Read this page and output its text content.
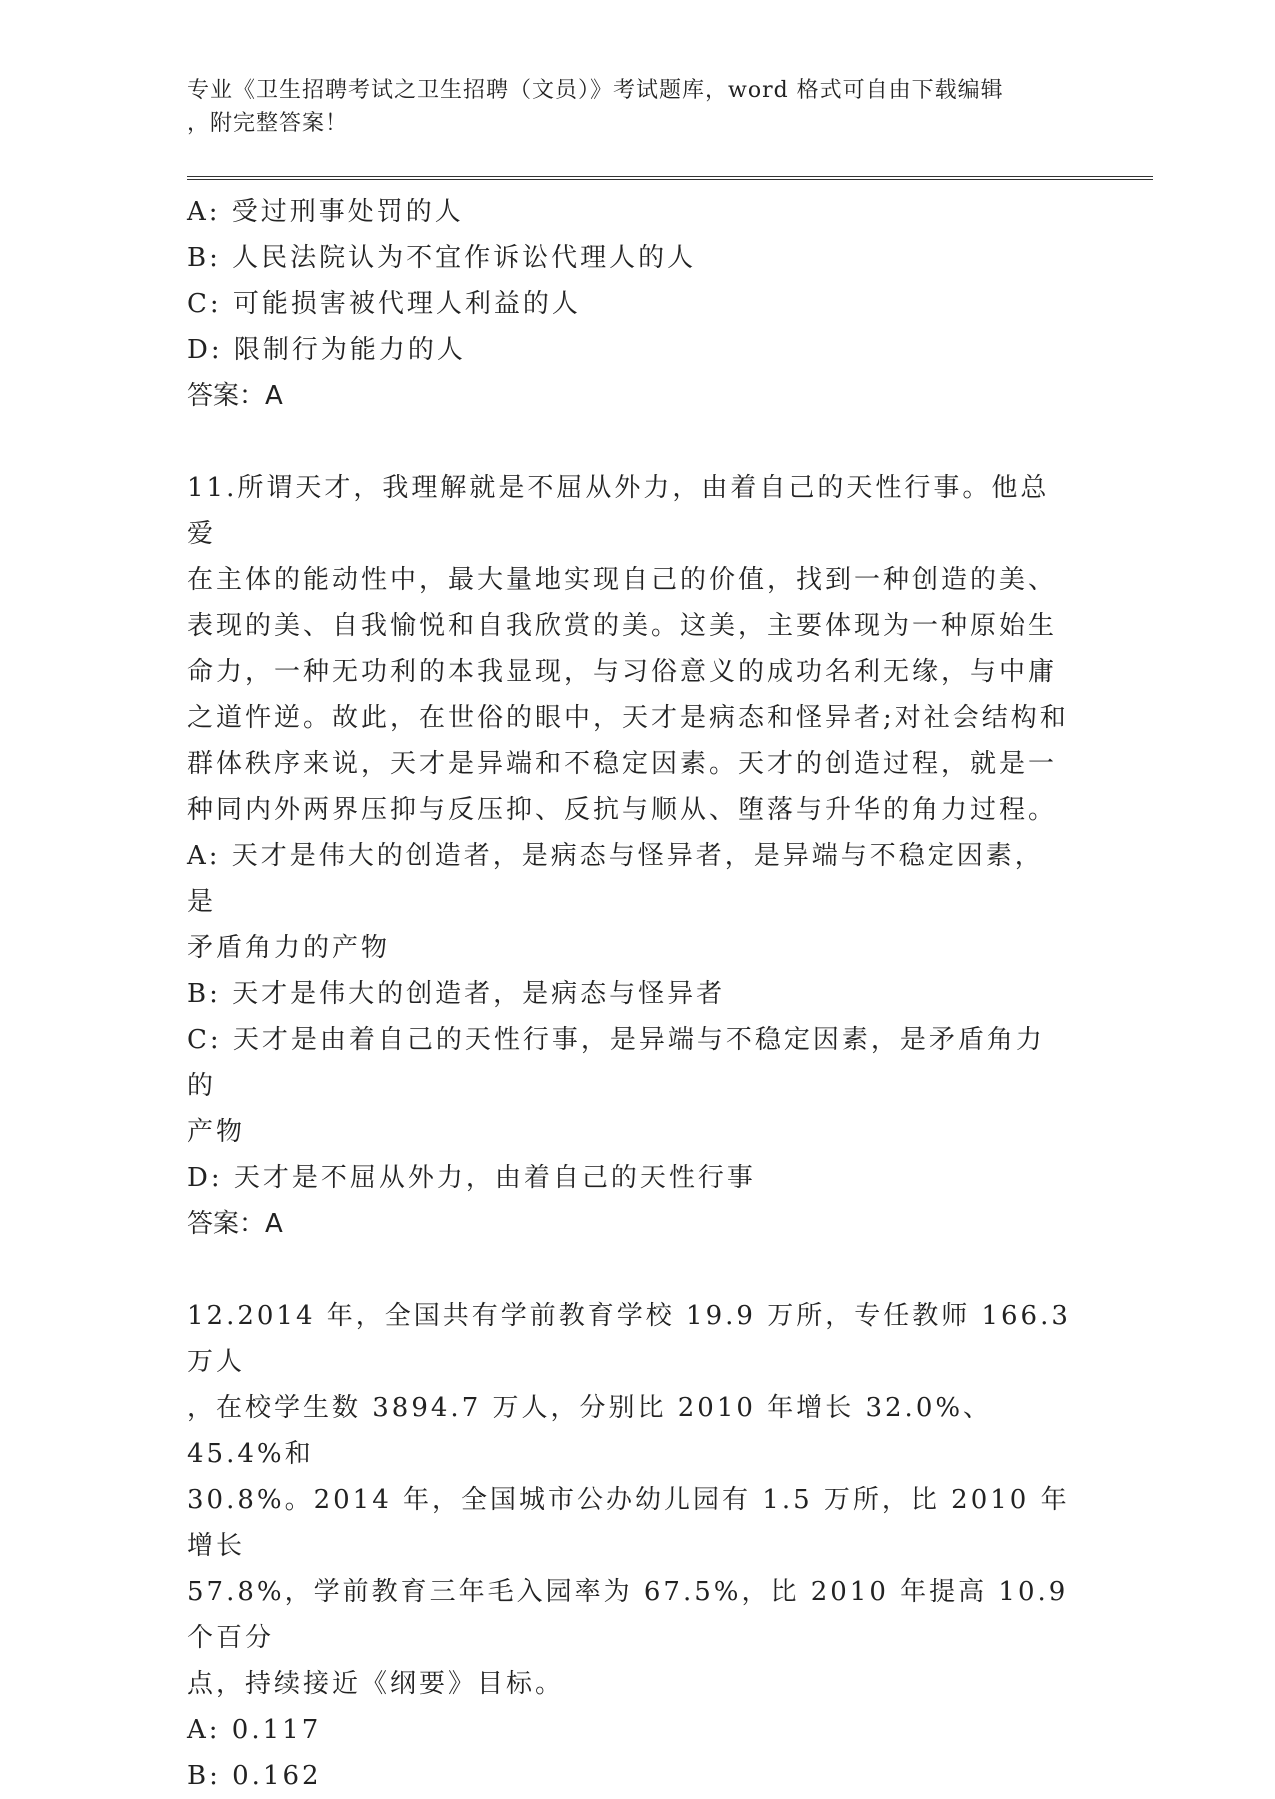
专业《卫生招聘考试之卫生招聘（文员）》考试题库，word 格式可自由下载编辑
，附完整答案！
A: 受过刑事处罚的人
B: 人民法院认为不宜作诉讼代理人的人
C: 可能损害被代理人利益的人
D: 限制行为能力的人
答案：A
11.所谓天才，我理解就是不屈从外力，由着自己的天性行事。他总爱
在主体的能动性中，最大量地实现自己的价值，找到一种创造的美、
表现的美、自我愉悦和自我欣赏的美。这美，主要体现为一种原始生
命力，一种无功利的本我显现，与习俗意义的成功名利无缘，与中庸
之道忤逆。故此，在世俗的眼中，天才是病态和怪异者;对社会结构和
群体秩序来说，天才是异端和不稳定因素。天才的创造过程，就是一
种同内外两界压抑与反压抑、反抗与顺从、堕落与升华的角力过程。
A: 天才是伟大的创造者，是病态与怪异者，是异端与不稳定因素，是
矛盾角力的产物
B: 天才是伟大的创造者，是病态与怪异者
C: 天才是由着自己的天性行事，是异端与不稳定因素，是矛盾角力的
产物
D: 天才是不屈从外力，由着自己的天性行事
答案：A
12.2014 年，全国共有学前教育学校 19.9 万所，专任教师 166.3 万人
，在校学生数 3894.7 万人，分别比 2010 年增长 32.0%、45.4%和
30.8%。2014 年，全国城市公办幼儿园有 1.5 万所，比 2010 年增长
57.8%，学前教育三年毛入园率为 67.5%，比 2010 年提高 10.9 个百分
点，持续接近《纲要》目标。
A: 0.117
B: 0.162
